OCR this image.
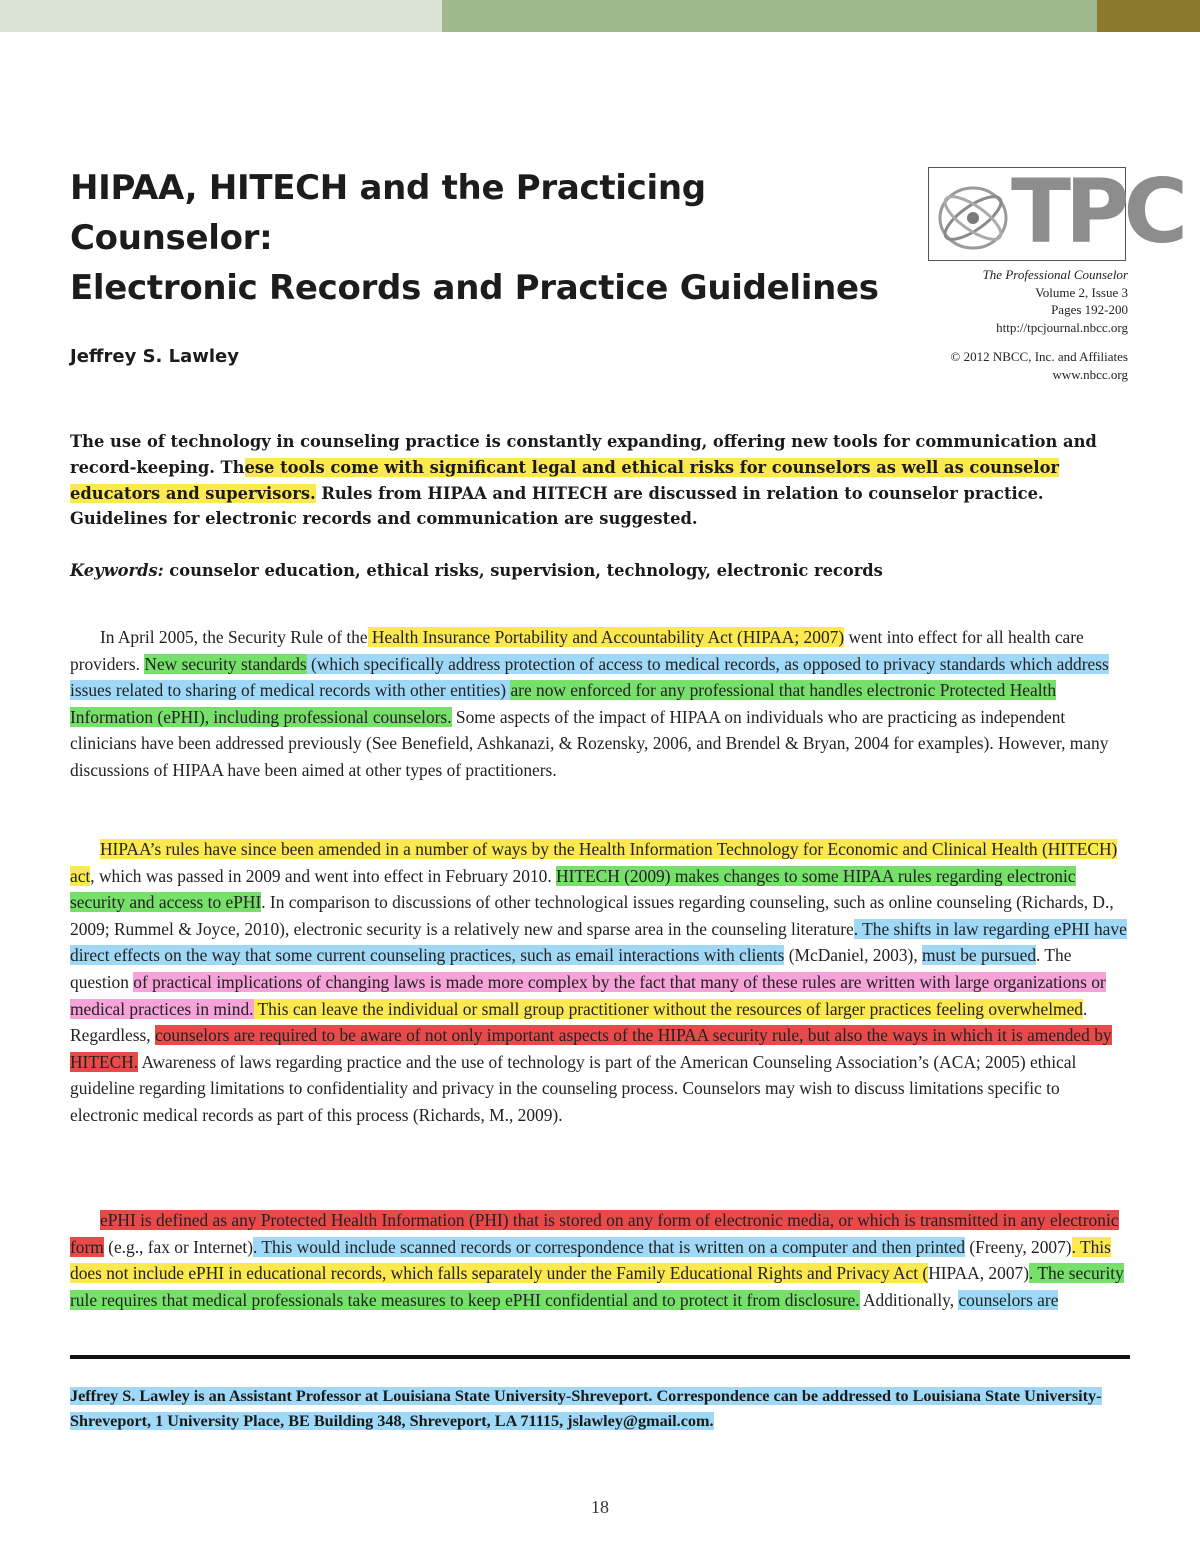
HIPAA, HITECH and the Practicing Counselor:
Electronic Records and Practice Guidelines
Jeffrey S. Lawley
TPC
The Professional Counselor
Volume 2, Issue 3
Pages 192-200
http://tpcjournal.nbcc.org
© 2012 NBCC, Inc. and Affiliates
www.nbcc.org

The use of technology in counseling practice is constantly expanding, offering new tools for communication and record-keeping. These tools come with significant legal and ethical risks for counselors as well as counselor educators and supervisors. Rules from HIPAA and HITECH are discussed in relation to counselor practice. Guidelines for electronic records and communication are suggested.

Keywords: counselor education, ethical risks, supervision, technology, electronic records

In April 2005, the Security Rule of the Health Insurance Portability and Accountability Act (HIPAA; 2007) went into effect for all health care providers. New security standards (which specifically address protection of access to medical records, as opposed to privacy standards which address issues related to sharing of medical records with other entities) are now enforced for any professional that handles electronic Protected Health Information (ePHI), including professional counselors. Some aspects of the impact of HIPAA on individuals who are practicing as independent clinicians have been addressed previously (See Benefield, Ashkanazi, & Rozensky, 2006, and Brendel & Bryan, 2004 for examples). However, many discussions of HIPAA have been aimed at other types of practitioners.

HIPAA’s rules have since been amended in a number of ways by the Health Information Technology for Economic and Clinical Health (HITECH) act, which was passed in 2009 and went into effect in February 2010. HITECH (2009) makes changes to some HIPAA rules regarding electronic security and access to ePHI. In comparison to discussions of other technological issues regarding counseling, such as online counseling (Richards, D., 2009; Rummel & Joyce, 2010), electronic security is a relatively new and sparse area in the counseling literature. The shifts in law regarding ePHI have direct effects on the way that some current counseling practices, such as email interactions with clients (McDaniel, 2003), must be pursued. The question of practical implications of changing laws is made more complex by the fact that many of these rules are written with large organizations or medical practices in mind. This can leave the individual or small group practitioner without the resources of larger practices feeling overwhelmed. Regardless, counselors are required to be aware of not only important aspects of the HIPAA security rule, but also the ways in which it is amended by HITECH. Awareness of laws regarding practice and the use of technology is part of the American Counseling Association’s (ACA; 2005) ethical guideline regarding limitations to confidentiality and privacy in the counseling process. Counselors may wish to discuss limitations specific to electronic medical records as part of this process (Richards, M., 2009).

ePHI is defined as any Protected Health Information (PHI) that is stored on any form of electronic media, or which is transmitted in any electronic form (e.g., fax or Internet). This would include scanned records or correspondence that is written on a computer and then printed (Freeny, 2007). This does not include ePHI in educational records, which falls separately under the Family Educational Rights and Privacy Act (HIPAA, 2007). The security rule requires that medical professionals take measures to keep ePHI confidential and to protect it from disclosure. Additionally, counselors are

Jeffrey S. Lawley is an Assistant Professor at Louisiana State University-Shreveport. Correspondence can be addressed to Louisiana State University-Shreveport, 1 University Place, BE Building 348, Shreveport, LA 71115, jslawley@gmail.com.

18
